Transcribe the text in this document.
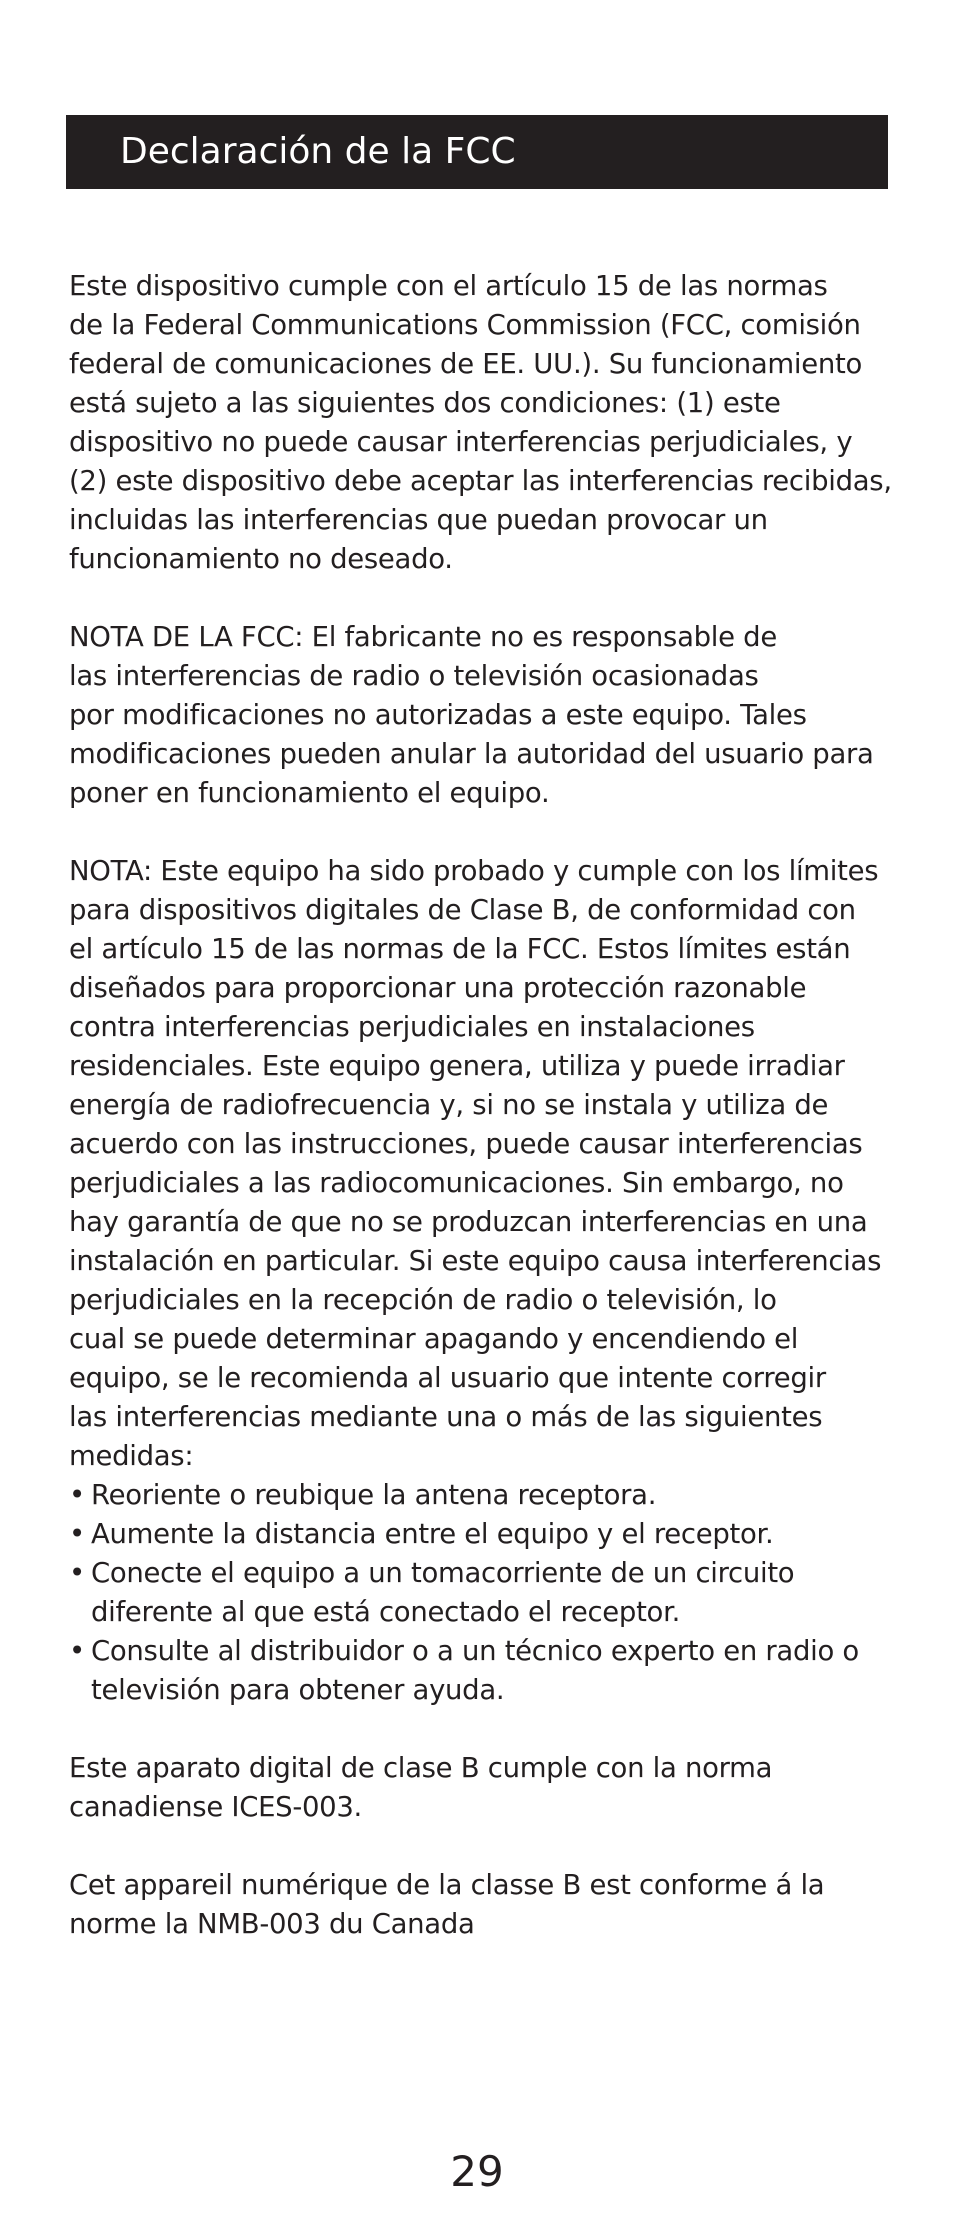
Declaración de la FCC

Este dispositivo cumple con el artículo 15 de las normas
de la Federal Communications Commission (FCC, comisión
federal de comunicaciones de EE. UU.). Su funcionamiento
está sujeto a las siguientes dos condiciones: (1) este
dispositivo no puede causar interferencias perjudiciales, y
(2) este dispositivo debe aceptar las interferencias recibidas,
incluidas las interferencias que puedan provocar un
funcionamiento no deseado.

NOTA DE LA FCC: El fabricante no es responsable de
las interferencias de radio o televisión ocasionadas
por modificaciones no autorizadas a este equipo. Tales
modificaciones pueden anular la autoridad del usuario para
poner en funcionamiento el equipo.

NOTA: Este equipo ha sido probado y cumple con los límites
para dispositivos digitales de Clase B, de conformidad con
el artículo 15 de las normas de la FCC. Estos límites están
diseñados para proporcionar una protección razonable
contra interferencias perjudiciales en instalaciones
residenciales. Este equipo genera, utiliza y puede irradiar
energía de radiofrecuencia y, si no se instala y utiliza de
acuerdo con las instrucciones, puede causar interferencias
perjudiciales a las radiocomunicaciones. Sin embargo, no
hay garantía de que no se produzcan interferencias en una
instalación en particular. Si este equipo causa interferencias
perjudiciales en la recepción de radio o televisión, lo
cual se puede determinar apagando y encendiendo el
equipo, se le recomienda al usuario que intente corregir
las interferencias mediante una o más de las siguientes
medidas:

• Reoriente o reubique la antena receptora.
• Aumente la distancia entre el equipo y el receptor.
• Conecte el equipo a un tomacorriente de un circuito
diferente al que está conectado el receptor.
• Consulte al distribuidor o a un técnico experto en radio o
televisión para obtener ayuda.

Este aparato digital de clase B cumple con la norma
canadiense ICES-003.

Cet appareil numérique de la classe B est conforme á la
norme la NMB-003 du Canada

29
